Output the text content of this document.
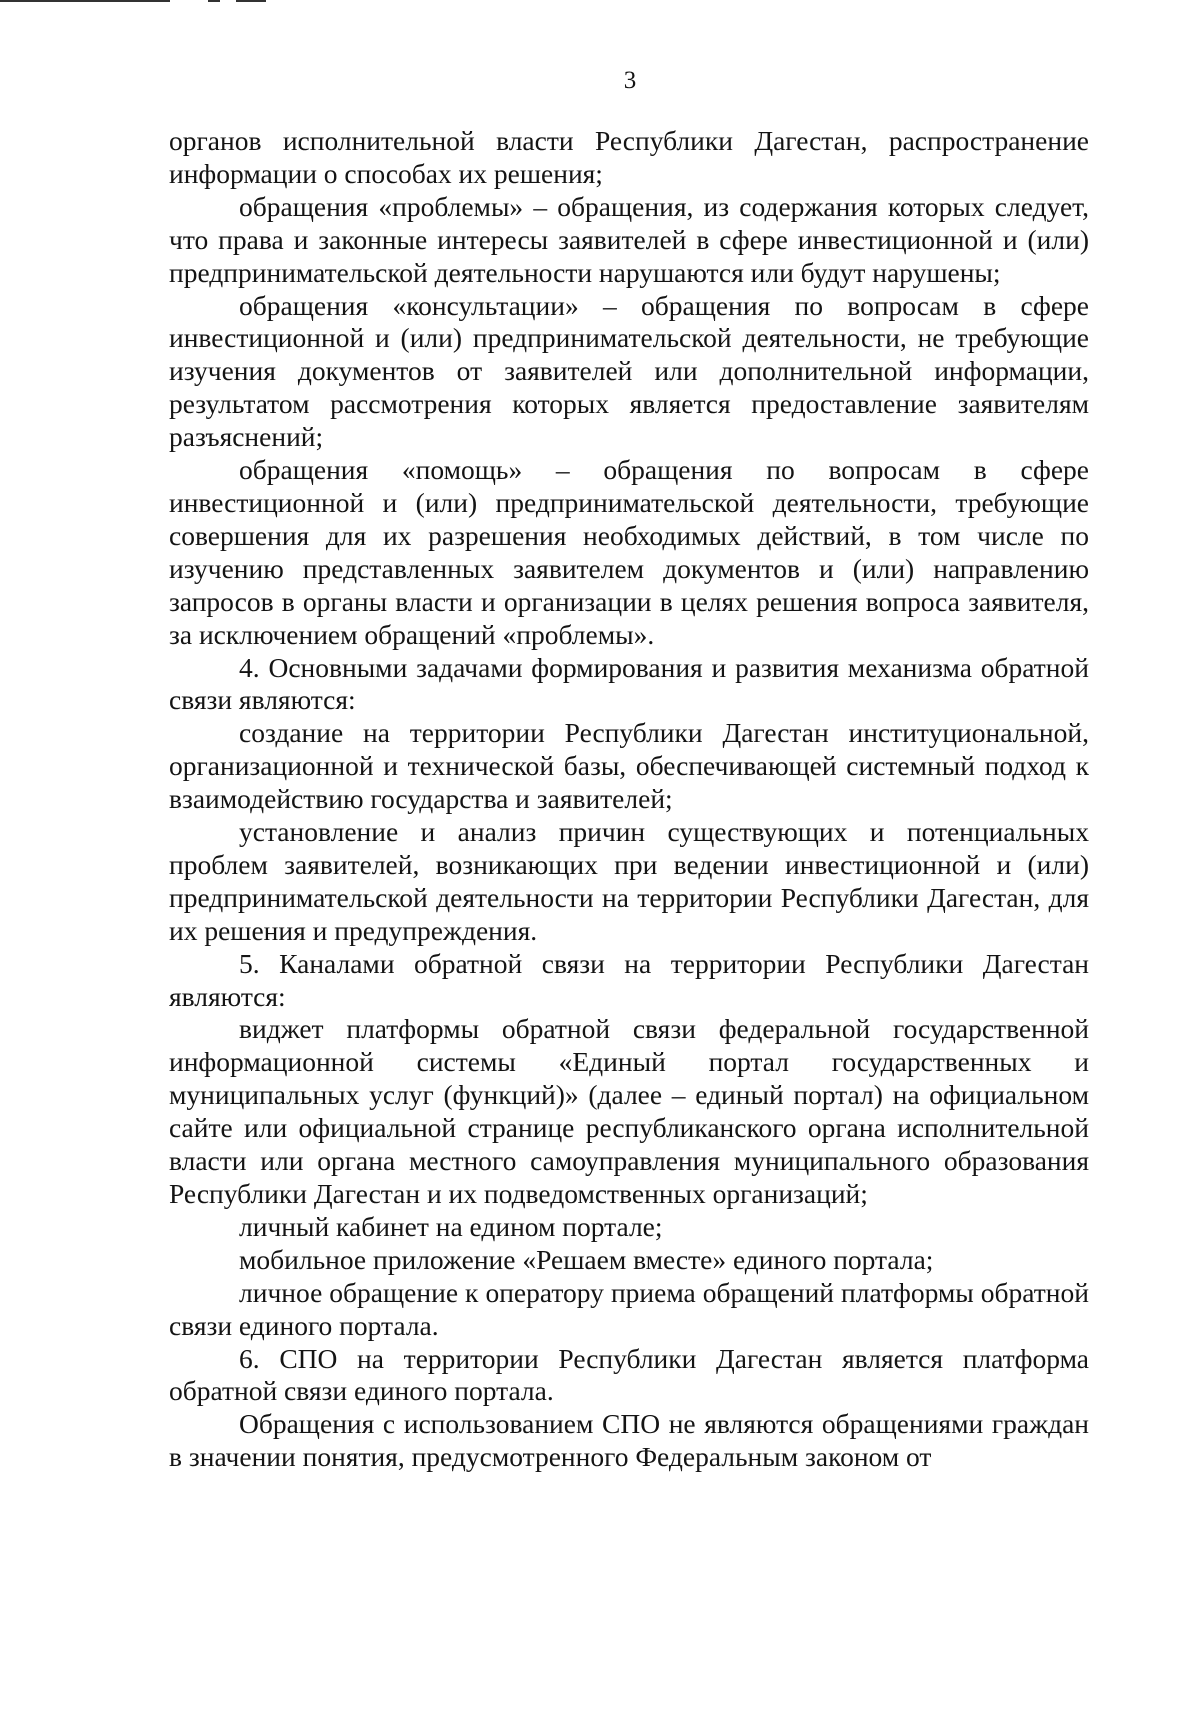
3

органов исполнительной власти Республики Дагестан, распространение информации о способах их решения;

обращения «проблемы» – обращения, из содержания которых следует, что права и законные интересы заявителей в сфере инвестиционной и (или) предпринимательской деятельности нарушаются или будут нарушены;

обращения «консультации» – обращения по вопросам в сфере инвестиционной и (или) предпринимательской деятельности, не требующие изучения документов от заявителей или дополнительной информации, результатом рассмотрения которых является предоставление заявителям разъяснений;

обращения «помощь» – обращения по вопросам в сфере инвестиционной и (или) предпринимательской деятельности, требующие совершения для их разрешения необходимых действий, в том числе по изучению представленных заявителем документов и (или) направлению запросов в органы власти и организации в целях решения вопроса заявителя, за исключением обращений «проблемы».

4. Основными задачами формирования и развития механизма обратной связи являются:

создание на территории Республики Дагестан институциональной, организационной и технической базы, обеспечивающей системный подход к взаимодействию государства и заявителей;

установление и анализ причин существующих и потенциальных проблем заявителей, возникающих при ведении инвестиционной и (или) предпринимательской деятельности на территории Республики Дагестан, для их решения и предупреждения.

5. Каналами обратной связи на территории Республики Дагестан являются:

виджет платформы обратной связи федеральной государственной информационной системы «Единый портал государственных и муниципальных услуг (функций)» (далее – единый портал) на официальном сайте или официальной странице республиканского органа исполнительной власти или органа местного самоуправления муниципального образования Республики Дагестан и их подведомственных организаций;

личный кабинет на едином портале;

мобильное приложение «Решаем вместе» единого портала;

личное обращение к оператору приема обращений платформы обратной связи единого портала.

6. СПО на территории Республики Дагестан является платформа обратной связи единого портала.

Обращения с использованием СПО не являются обращениями граждан в значении понятия, предусмотренного Федеральным законом от
